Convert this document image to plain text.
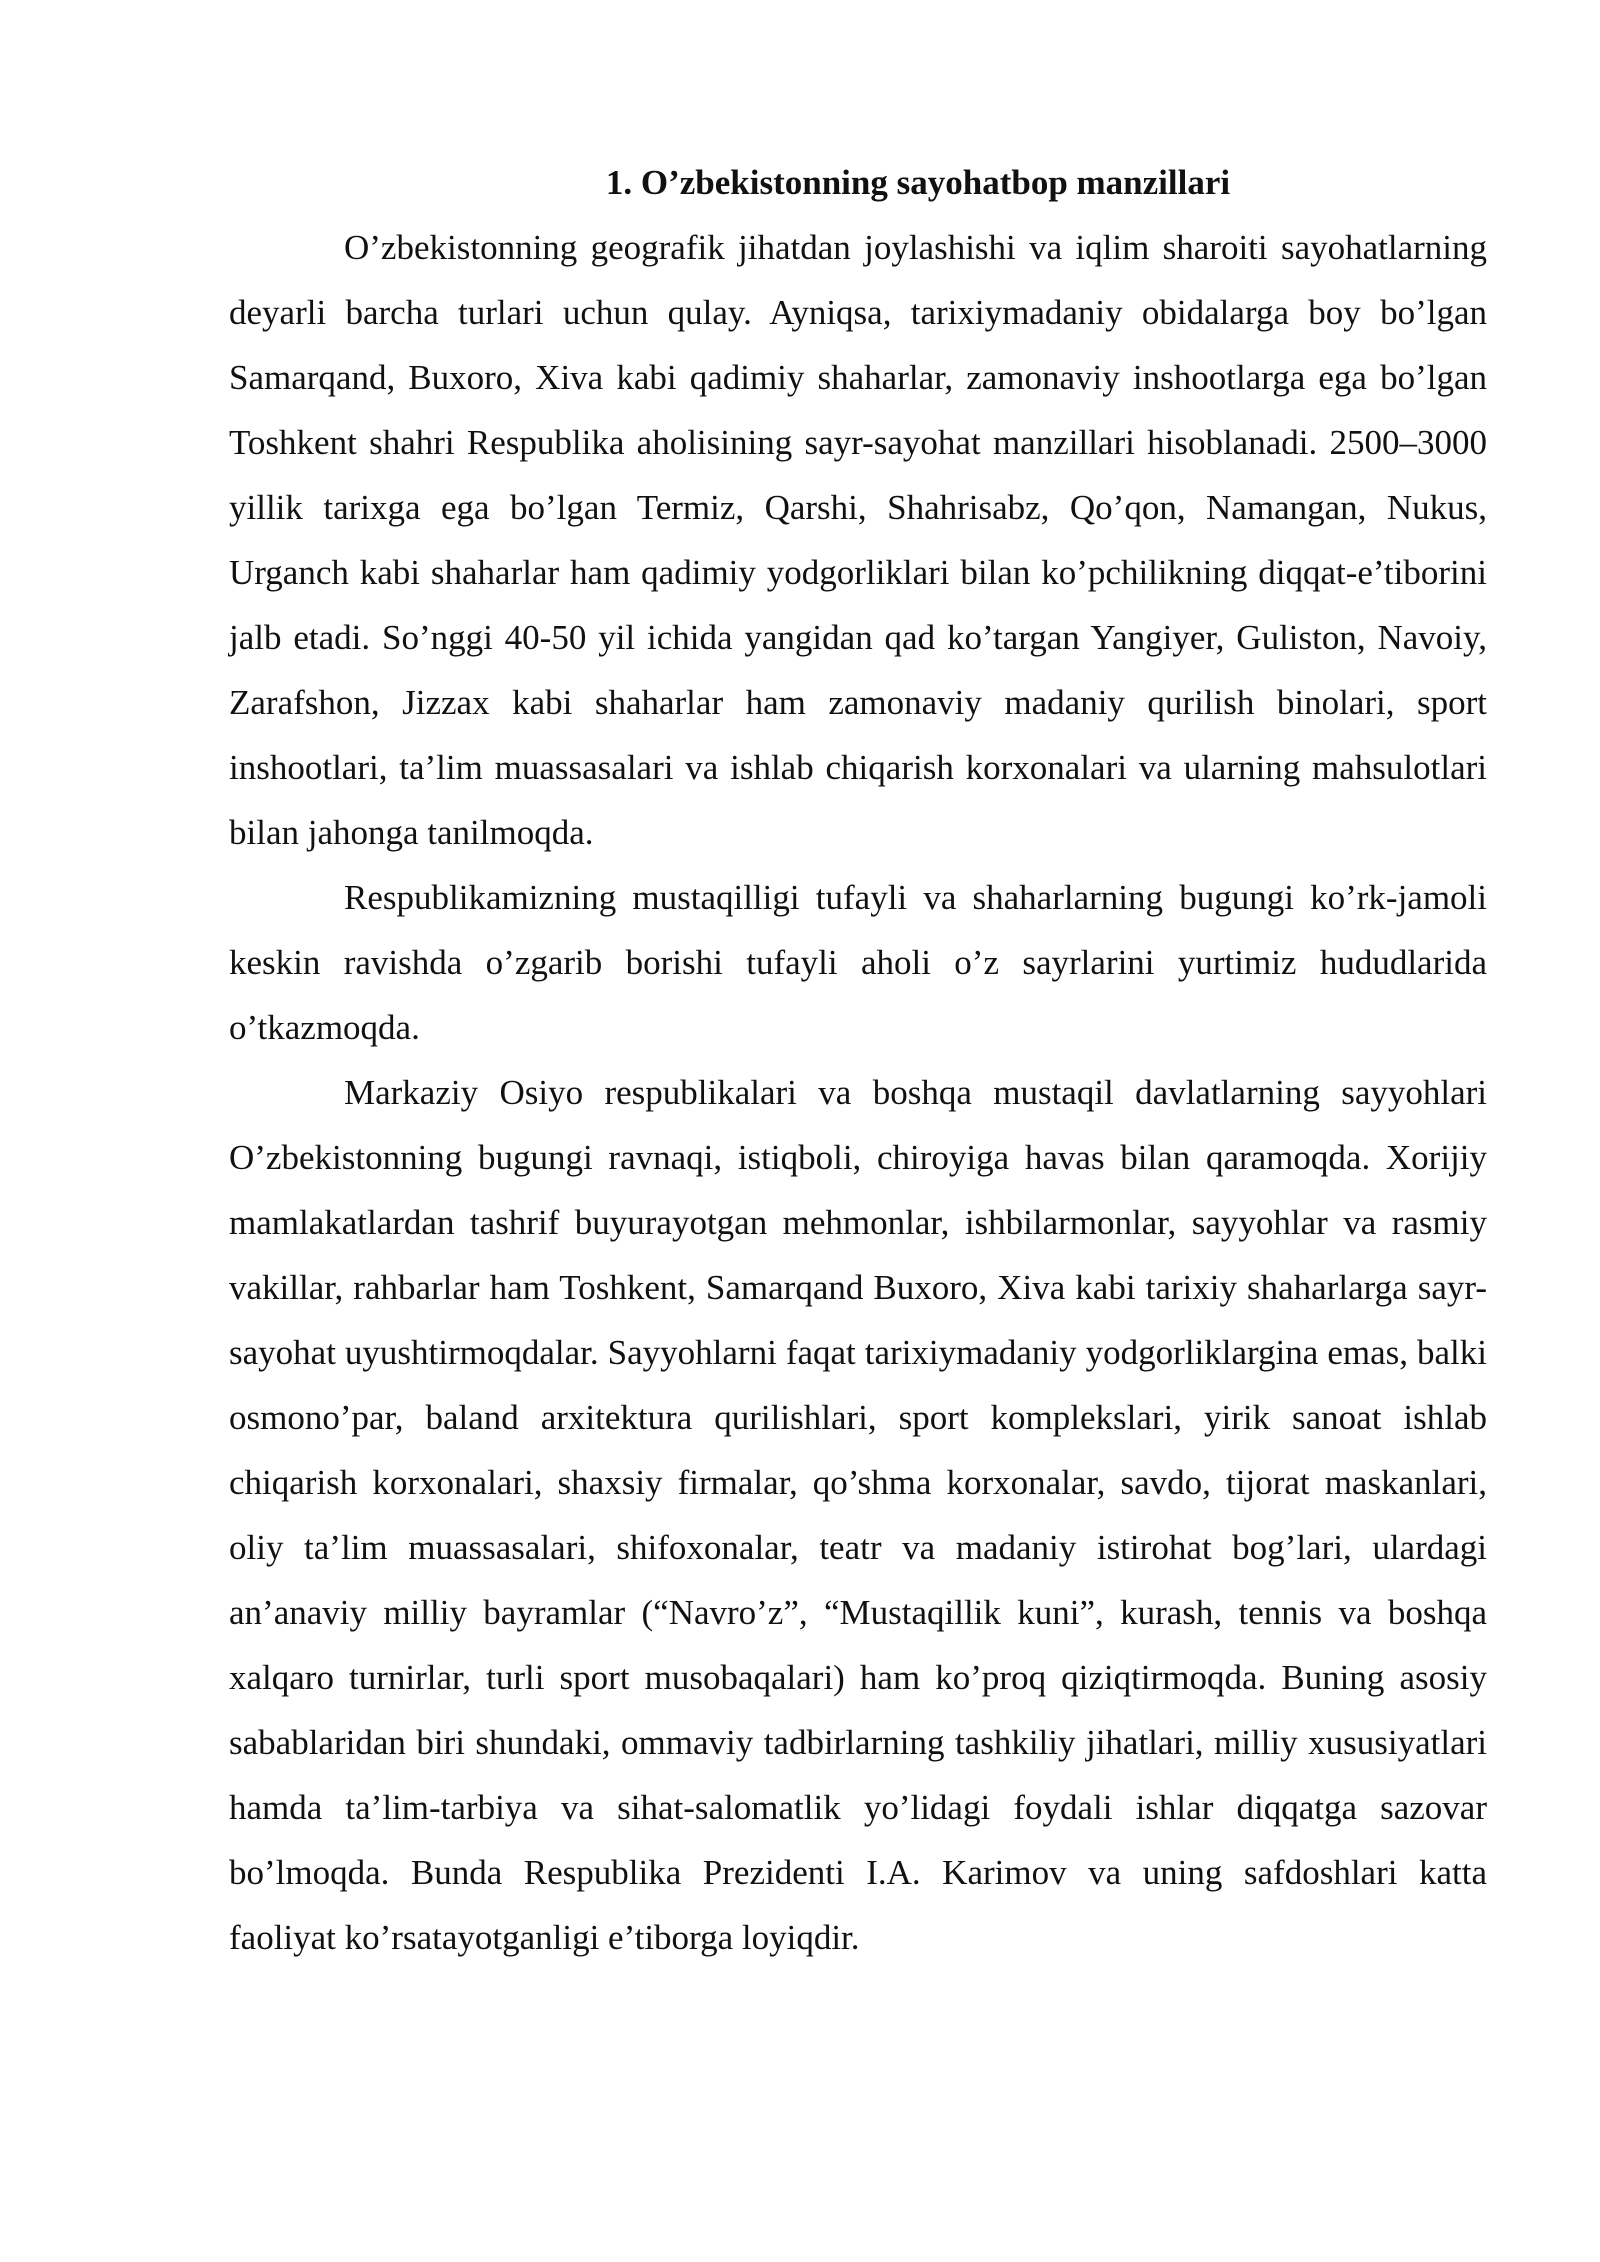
1. O’zbekistonning sayohatbop manzillari

O’zbekistonning geografik jihatdan joylashishi va iqlim sharoiti sayohatlarning deyarli barcha turlari uchun qulay. Ayniqsa, tarixiymadaniy obidalarga boy bo’lgan Samarqand, Buxoro, Xiva kabi qadimiy shaharlar, zamonaviy inshootlarga ega bo’lgan Toshkent shahri Respublika aholisining sayr-sayohat manzillari hisoblanadi. 2500–3000 yillik tarixga ega bo’lgan Termiz, Qarshi, Shahrisabz, Qo’qon, Namangan, Nukus, Urganch kabi shaharlar ham qadimiy yodgorliklari bilan ko’pchilikning diqqat-e’tiborini jalb etadi. So’nggi 40-50 yil ichida yangidan qad ko’targan Yangiyer, Guliston, Navoiy, Zarafshon, Jizzax kabi shaharlar ham zamonaviy madaniy qurilish binolari, sport inshootlari, ta’lim muassasalari va ishlab chiqarish korxonalari va ularning mahsulotlari bilan jahonga tanilmoqda.

Respublikamizning mustaqilligi tufayli va shaharlarning bugungi ko’rk-jamoli keskin ravishda o’zgarib borishi tufayli aholi o’z sayrlarini yurtimiz hududlarida o’tkazmoqda.

Markaziy Osiyo respublikalari va boshqa mustaqil davlatlarning sayyohlari O’zbekistonning bugungi ravnaqi, istiqboli, chiroyiga havas bilan qaramoqda. Xorijiy mamlakatlardan tashrif buyurayotgan mehmonlar, ishbilarmonlar, sayyohlar va rasmiy vakillar, rahbarlar ham Toshkent, Samarqand Buxoro, Xiva kabi tarixiy shaharlarga sayr-sayohat uyushtirmoqdalar. Sayyohlarni faqat tarixiymadaniy yodgorliklargina emas, balki osmono’par, baland arxitektura qurilishlari, sport komplekslari, yirik sanoat ishlab chiqarish korxonalari, shaxsiy firmalar, qo’shma korxonalar, savdo, tijorat maskanlari, oliy ta’lim muassasalari, shifoxonalar, teatr va madaniy istirohat bog’lari, ulardagi an’anaviy milliy bayramlar (“Navro’z”, “Mustaqillik kuni”, kurash, tennis va boshqa xalqaro turnirlar, turli sport musobaqalari) ham ko’proq qiziqtirmoqda. Buning asosiy sabablaridan biri shundaki, ommaviy tadbirlarning tashkiliy jihatlari, milliy xususiyatlari hamda ta’lim-tarbiya va sihat-salomatlik yo’lidagi foydali ishlar diqqatga sazovar bo’lmoqda. Bunda Respublika Prezidenti I.A. Karimov va uning safdoshlari katta faoliyat ko’rsatayotganligi e’tiborga loyiqdir.
